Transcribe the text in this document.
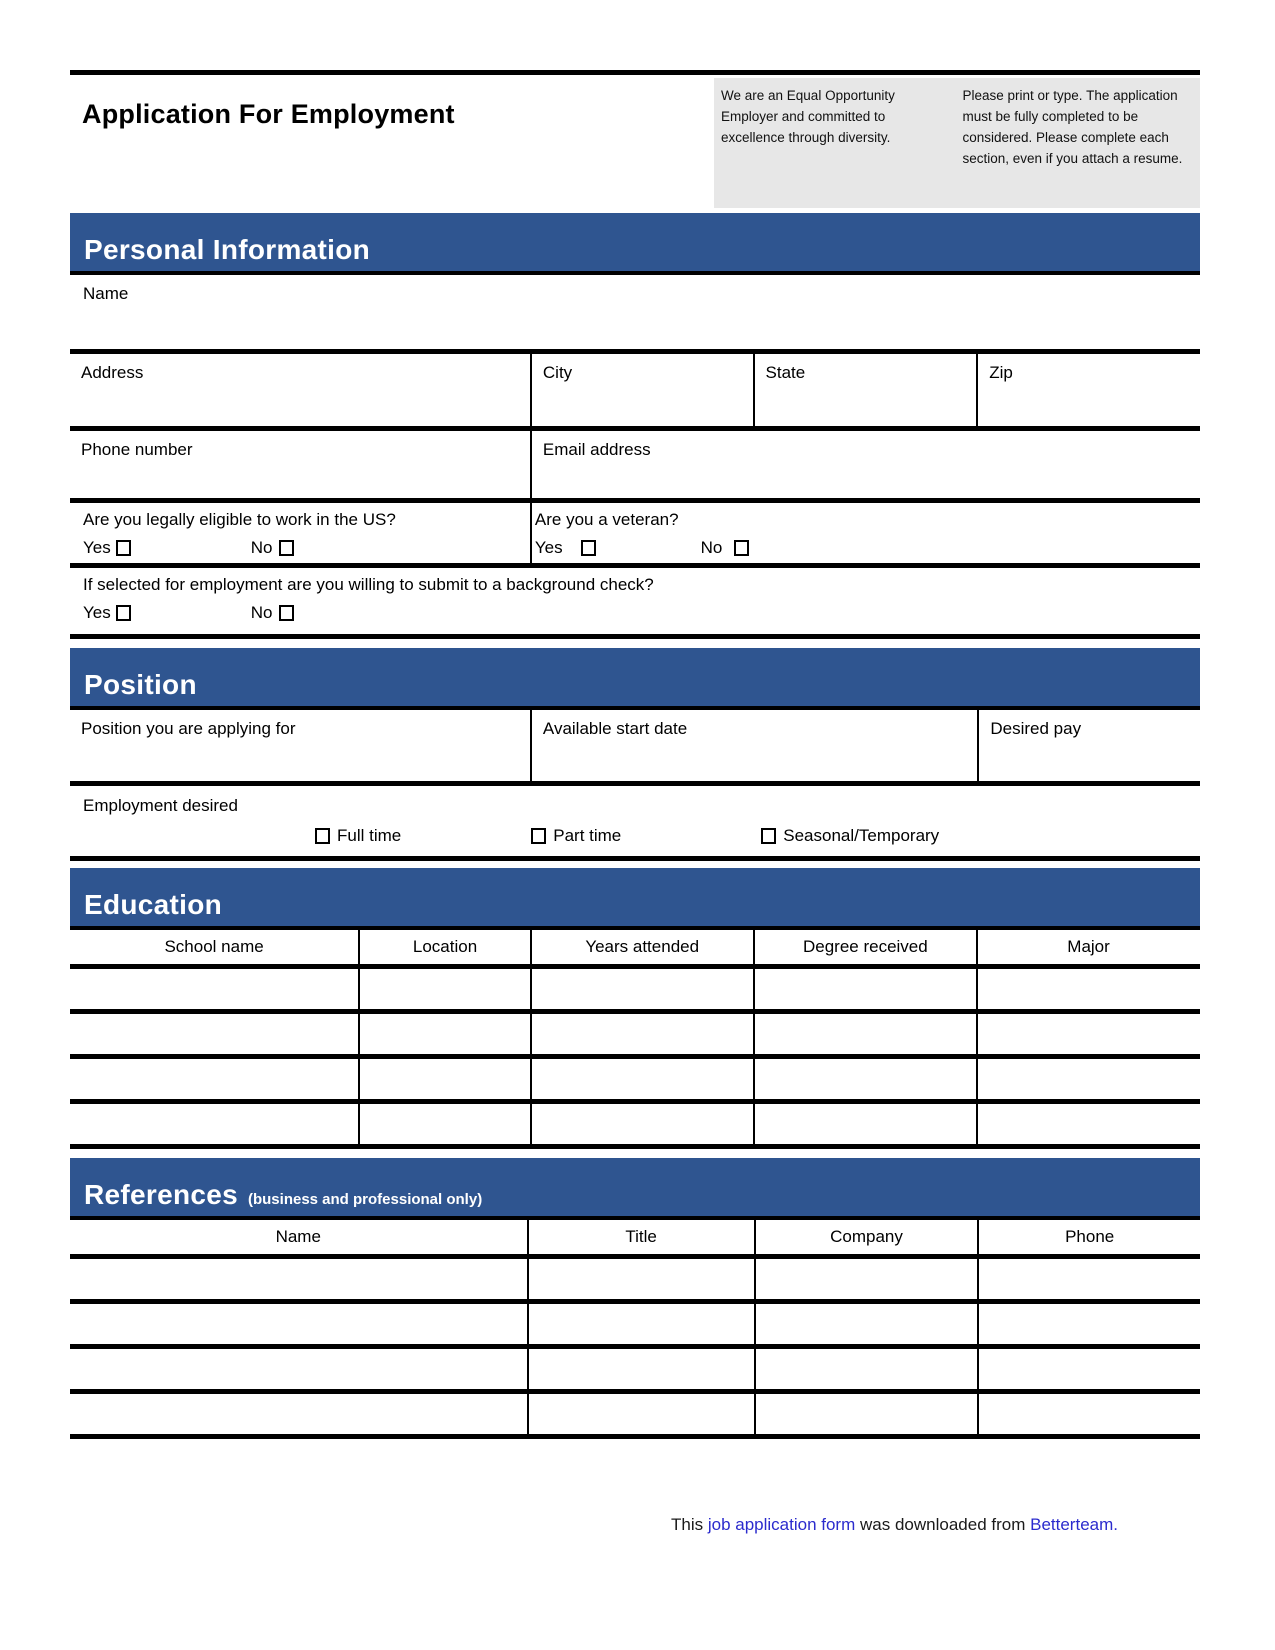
Application For Employment

We are an Equal Opportunity Employer and committed to excellence through diversity.

Please print or type. The application must be fully completed to be considered. Please complete each section, even if you attach a resume.

Personal Information
Name
Address	City	State	Zip
Phone number	Email address
Are you legally eligible to work in the US?
Yes	No
Are you a veteran?
Yes	No
If selected for employment are you willing to submit to a background check?
Yes	No
Position
Position you are applying for	Available start date	Desired pay
Employment desired
Full time	Part time	Seasonal/Temporary
Education
School name	Location	Years attended	Degree received	Major
References (business and professional only)
Name	Title	Company	Phone
This job application form was downloaded from Betterteam.
